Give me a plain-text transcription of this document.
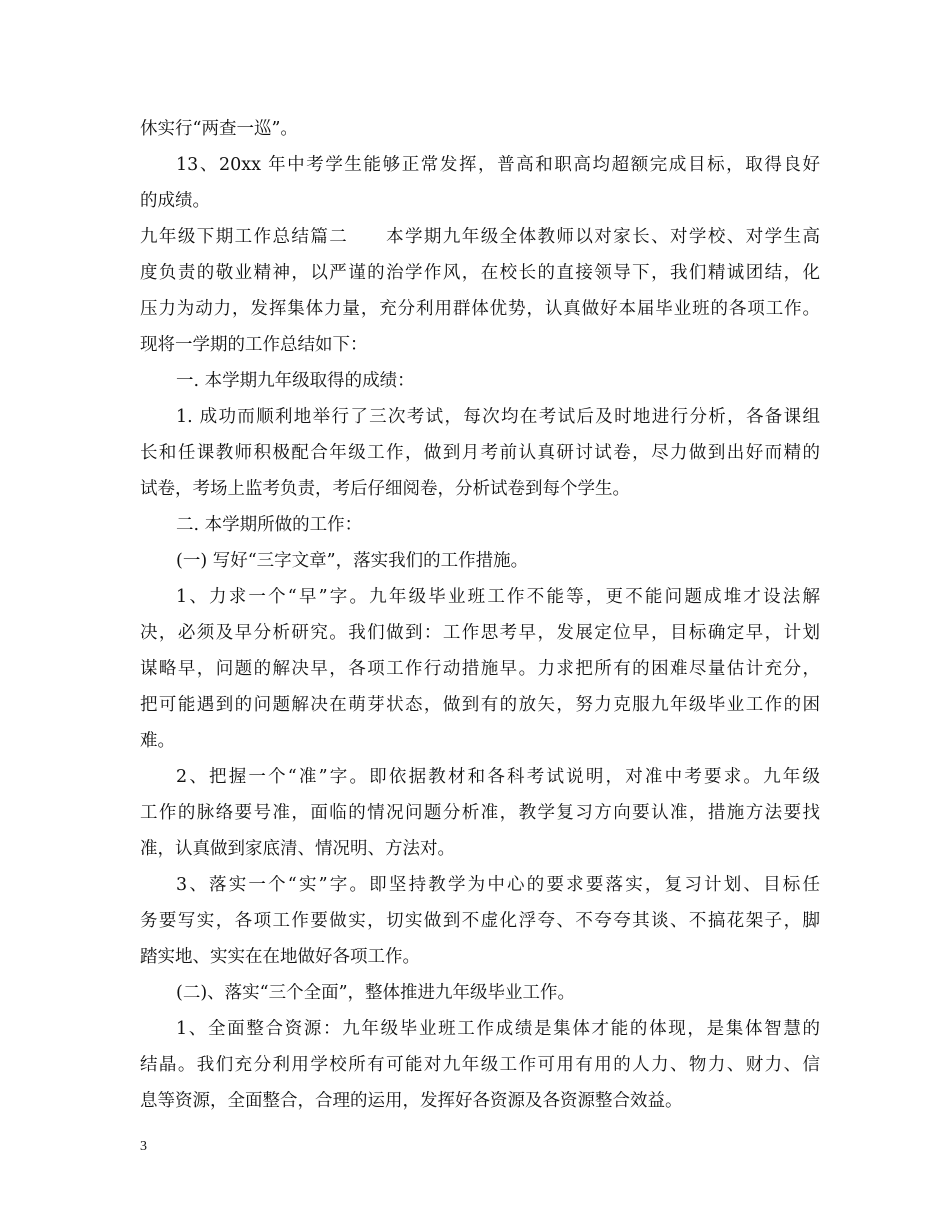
休实行“两查一巡”。
13、20xx 年中考学生能够正常发挥，普高和职高均超额完成目标，取得良好
的成绩。
九年级下期工作总结篇二　　本学期九年级全体教师以对家长、对学校、对学生高
度负责的敬业精神，以严谨的治学作风，在校长的直接领导下，我们精诚团结，化
压力为动力，发挥集体力量，充分利用群体优势，认真做好本届毕业班的各项工作。
现将一学期的工作总结如下：
一. 本学期九年级取得的成绩：
1. 成功而顺利地举行了三次考试，每次均在考试后及时地进行分析，各备课组
长和任课教师积极配合年级工作，做到月考前认真研讨试卷，尽力做到出好而精的
试卷，考场上监考负责，考后仔细阅卷，分析试卷到每个学生。
二. 本学期所做的工作：
(一) 写好“三字文章”，落实我们的工作措施。
1、力求一个“早”字。九年级毕业班工作不能等，更不能问题成堆才设法解
决，必须及早分析研究。我们做到：工作思考早，发展定位早，目标确定早，计划
谋略早，问题的解决早，各项工作行动措施早。力求把所有的困难尽量估计充分，
把可能遇到的问题解决在萌芽状态，做到有的放矢，努力克服九年级毕业工作的困
难。
2、把握一个“准”字。即依据教材和各科考试说明，对准中考要求。九年级
工作的脉络要号准，面临的情况问题分析准，教学复习方向要认准，措施方法要找
准，认真做到家底清、情况明、方法对。
3、落实一个“实”字。即坚持教学为中心的要求要落实，复习计划、目标任
务要写实，各项工作要做实，切实做到不虚化浮夸、不夸夸其谈、不搞花架子，脚
踏实地、实实在在地做好各项工作。
(二)、落实“三个全面”，整体推进九年级毕业工作。
1、全面整合资源：九年级毕业班工作成绩是集体才能的体现，是集体智慧的
结晶。我们充分利用学校所有可能对九年级工作可用有用的人力、物力、财力、信
息等资源，全面整合，合理的运用，发挥好各资源及各资源整合效益。
3
